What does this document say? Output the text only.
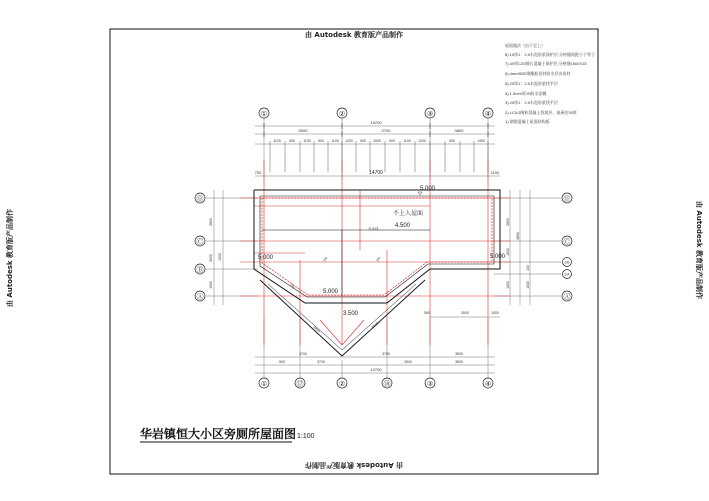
由 Autodesk 教育版产品制作
由 Autodesk 教育版产品制作
由 Autodesk 教育版产品制作	由 Autodesk 教育版产品制作
屋面做法（由下至上）
8).10厚1：2.5水泥砂浆保护层,分格缝间距小于等于
7).40厚C20细石混凝土保护层,分格缝1500X15
6).4mmSBS聚酯胎卷材防水层各卷材
5).20厚1：2.5水泥砂浆找平层
4).1.5mm厚JS防水涂膜
3).20厚1：2.5水泥砂浆找平层
2).LC5.0陶粒混凝土找坡层，最薄处30厚
1).钢筋混凝土屋面结构板
①	②	③	④
①	⑰	②	⑱	③	④
⑪
Ⓒ
Ⓑ
Ⓐ
⑪
Ⓒ
1/B
1/A
Ⓐ
14700
5000	3700	3800
1100 900 1100 900 1100 1200 900 1000 900 1100 1200	900	1400
14700
700	1100
2800
1500
3000
1000
2800
4800
1500
1000	1000
100
14700
500	3700	2500	3800
3700	3700	3800
4450	5500
300	3000	1000
5.000
4.500
5.000	5.000
5.000
3.500
不上人屋面
分水线
2%	2%
2%
华岩镇恒大小区旁厕所屋面图 1:100
